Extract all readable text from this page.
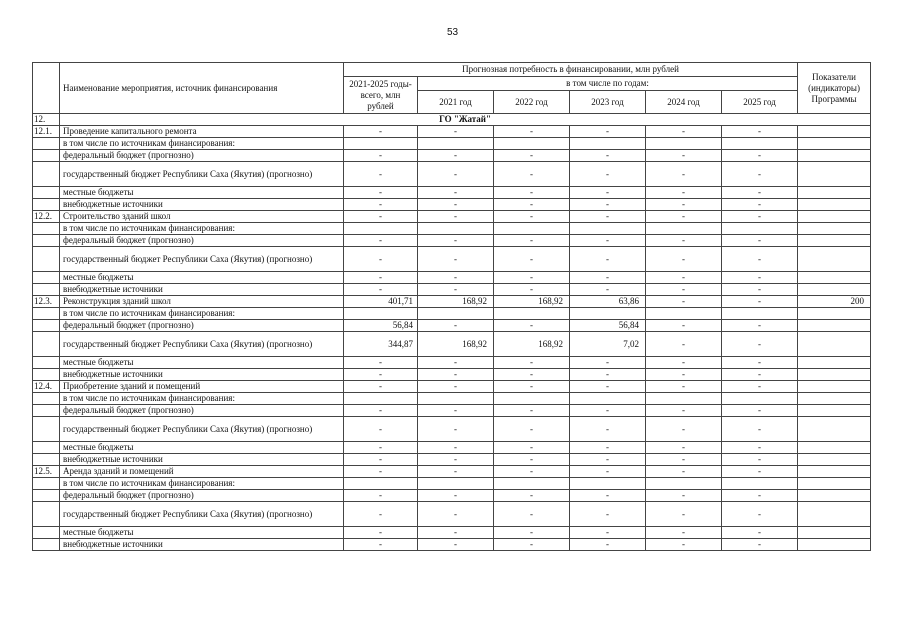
53
	Наименование мероприятия, источник финансирования	Прогнозная потребность в финансировании, млн рублей						Показатели (индикаторы) Программы
		2021-2025 годы- всего, млн рублей	в том числе по годам:					
			2021 год	2022 год	2023 год	2024 год	2025 год	
12.	ГО "Жатай"							
12.1.	Проведение капитального ремонта	-	-	-	-	-	-	
	в том числе по источникам финансирования:							
	федеральный бюджет (прогнозно)	-	-	-	-	-	-	
	государственный бюджет Республики Саха (Якутия) (прогнозно)	-	-	-	-	-	-	
	местные бюджеты	-	-	-	-	-	-	
	внебюджетные источники	-	-	-	-	-	-	
12.2.	Строительство зданий школ	-	-	-	-	-	-	
	в том числе по источникам финансирования:							
	федеральный бюджет (прогнозно)	-	-	-	-	-	-	
	государственный бюджет Республики Саха (Якутия) (прогнозно)	-	-	-	-	-	-	
	местные бюджеты	-	-	-	-	-	-	
	внебюджетные источники	-	-	-	-	-	-	
12.3.	Реконструкция зданий школ	401,71	168,92	168,92	63,86	-	-	200
	в том числе по источникам финансирования:							
	федеральный бюджет (прогнозно)	56,84	-	-	56,84	-	-	
	государственный бюджет Республики Саха (Якутия) (прогнозно)	344,87	168,92	168,92	7,02	-	-	
	местные бюджеты	-	-	-	-	-	-	
	внебюджетные источники	-	-	-	-	-	-	
12.4.	Приобретение зданий и помещений	-	-	-	-	-	-	
	в том числе по источникам финансирования:							
	федеральный бюджет (прогнозно)	-	-	-	-	-	-	
	государственный бюджет Республики Саха (Якутия) (прогнозно)	-	-	-	-	-	-	
	местные бюджеты	-	-	-	-	-	-	
	внебюджетные источники	-	-	-	-	-	-	
12.5.	Аренда зданий и помещений	-	-	-	-	-	-	
	в том числе по источникам финансирования:							
	федеральный бюджет (прогнозно)	-	-	-	-	-	-	
	государственный бюджет Республики Саха (Якутия) (прогнозно)	-	-	-	-	-	-	
	местные бюджеты	-	-	-	-	-	-	
	внебюджетные источники	-	-	-	-	-	-	
